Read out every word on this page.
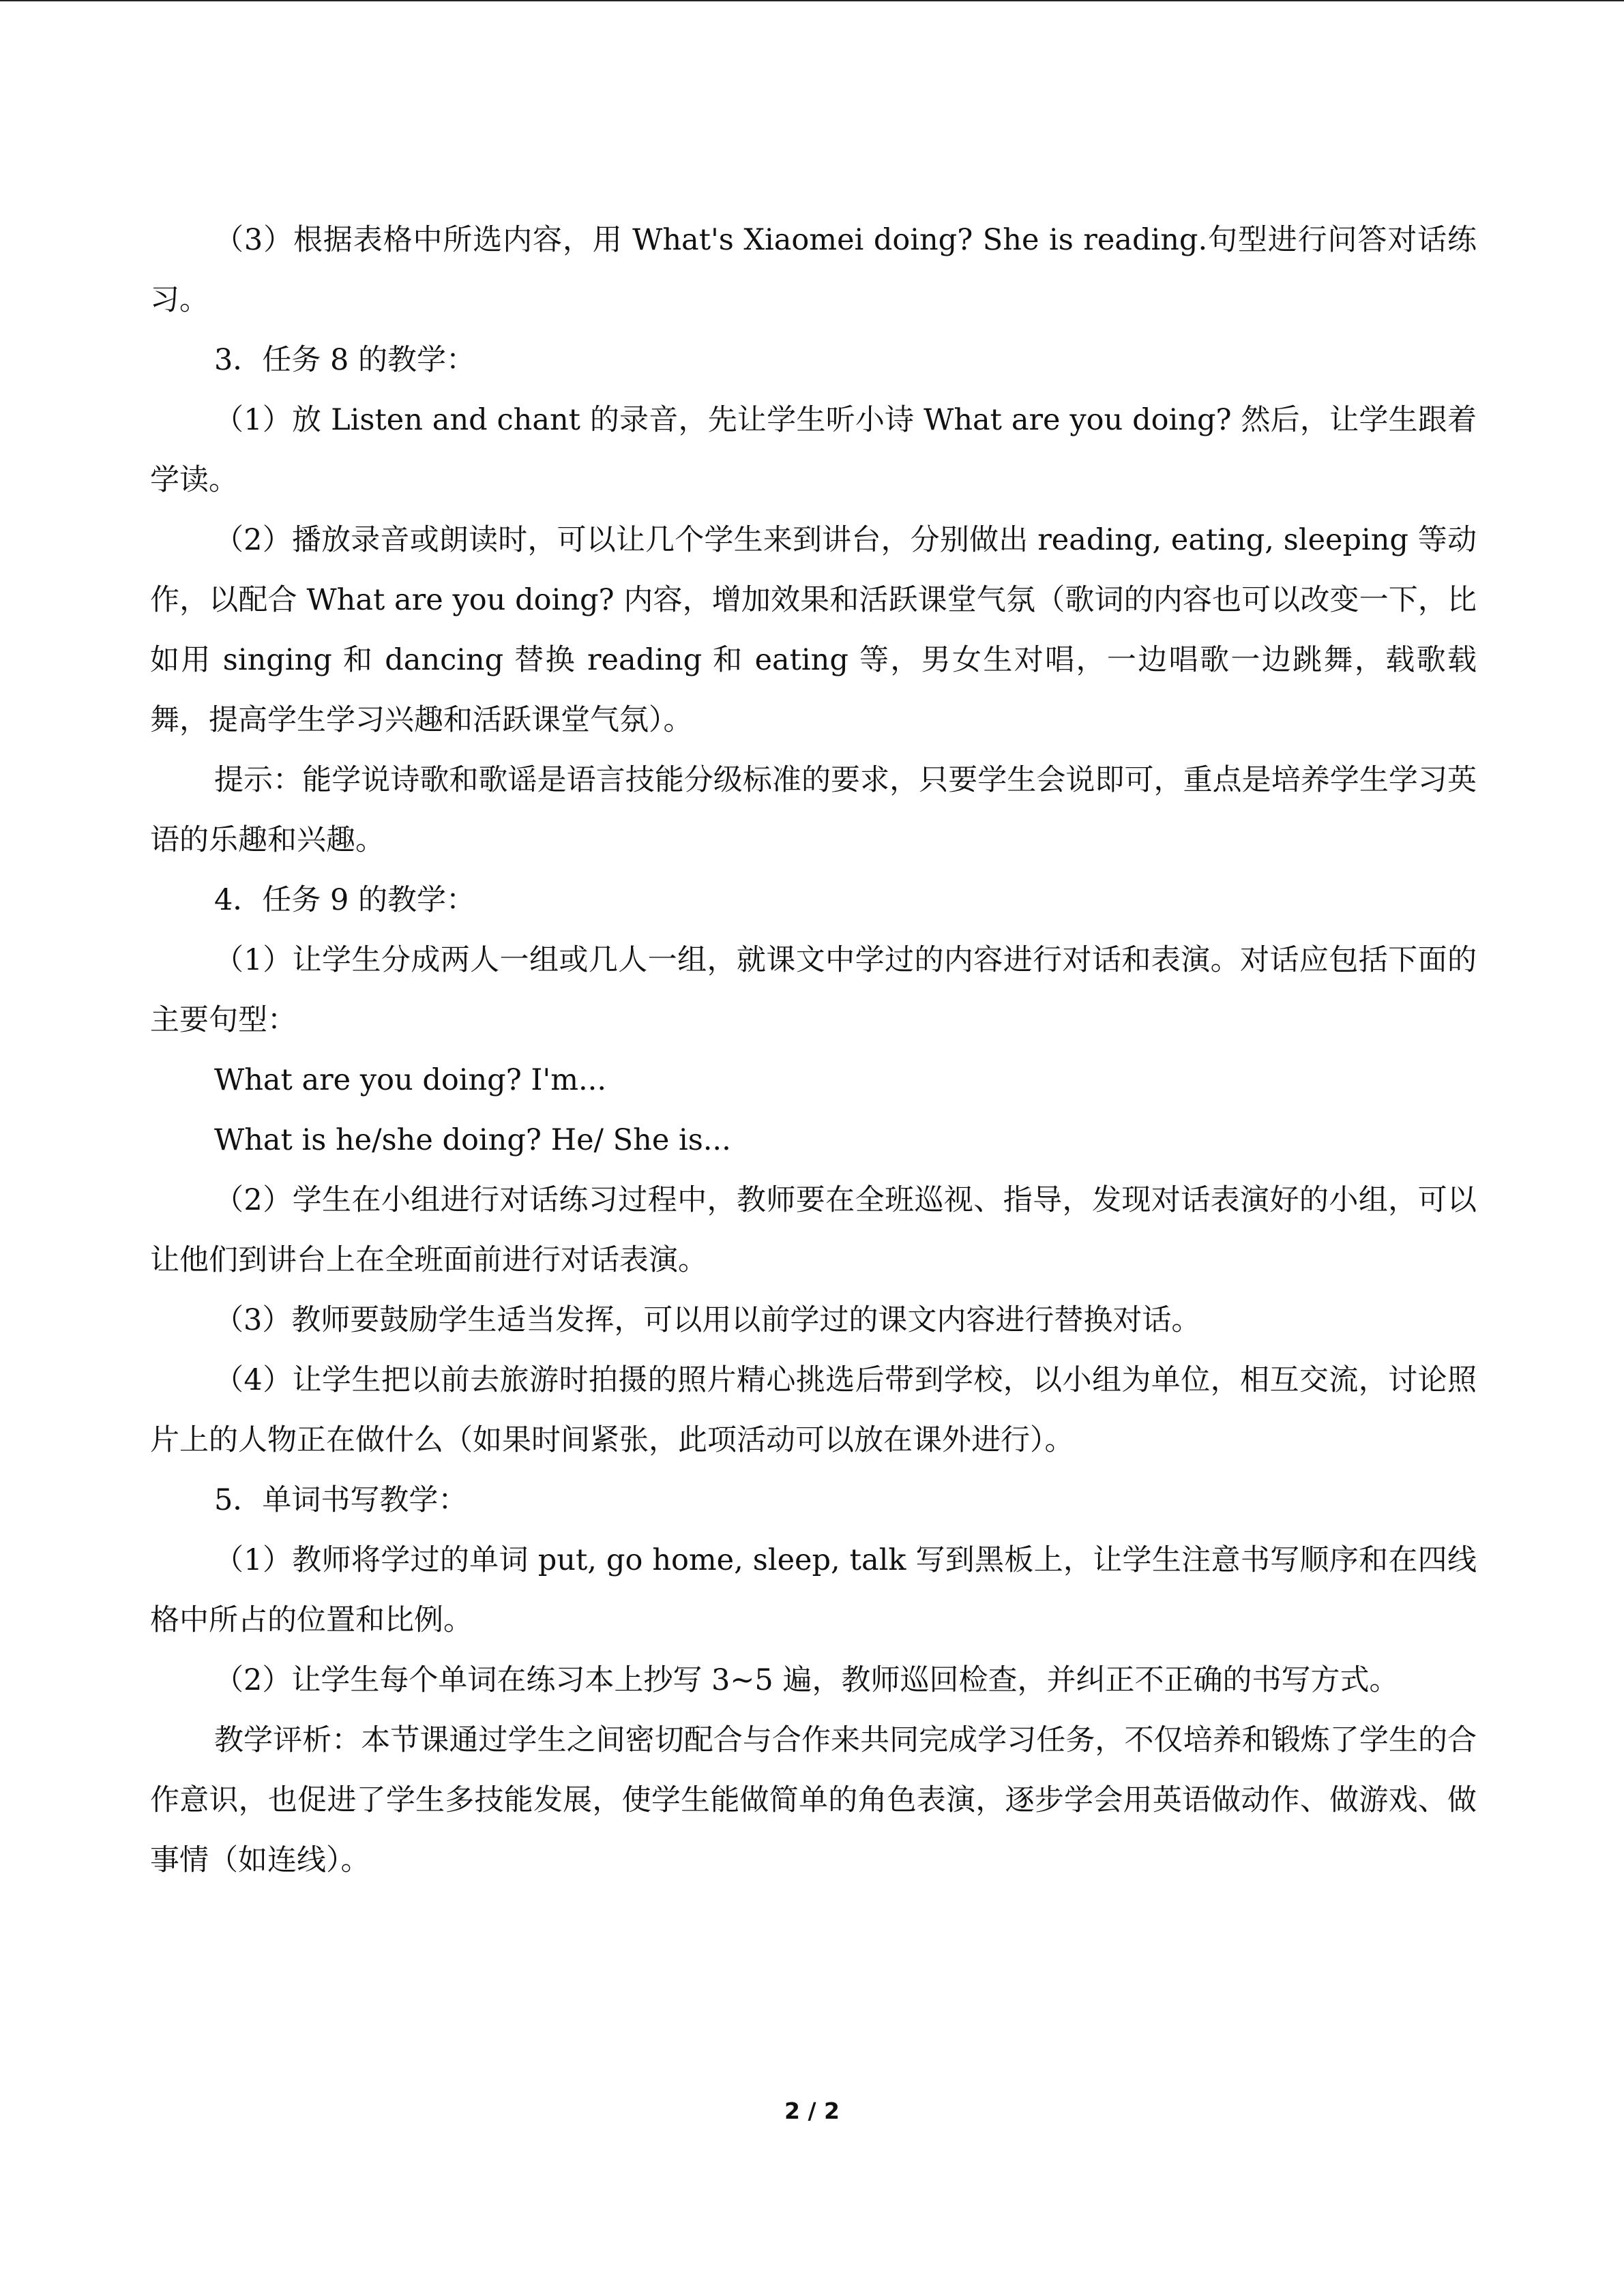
（3）根据表格中所选内容，用 What's Xiaomei doing? She is reading.句型进行问答对话练习。

3．任务 8 的教学：

（1）放 Listen and chant 的录音，先让学生听小诗 What are you doing? 然后，让学生跟着学读。

（2）播放录音或朗读时，可以让几个学生来到讲台，分别做出 reading, eating, sleeping 等动作，以配合 What are you doing? 内容，增加效果和活跃课堂气氛（歌词的内容也可以改变一下，比如用 singing 和 dancing 替换 reading 和 eating 等，男女生对唱，一边唱歌一边跳舞，载歌载舞，提高学生学习兴趣和活跃课堂气氛）。

提示：能学说诗歌和歌谣是语言技能分级标准的要求，只要学生会说即可，重点是培养学生学习英语的乐趣和兴趣。

4．任务 9 的教学：

（1）让学生分成两人一组或几人一组，就课文中学过的内容进行对话和表演。对话应包括下面的主要句型：

What are you doing? I'm...

What is he/she doing? He/ She is...

（2）学生在小组进行对话练习过程中，教师要在全班巡视、指导，发现对话表演好的小组，可以让他们到讲台上在全班面前进行对话表演。

（3）教师要鼓励学生适当发挥，可以用以前学过的课文内容进行替换对话。

（4）让学生把以前去旅游时拍摄的照片精心挑选后带到学校，以小组为单位，相互交流，讨论照片上的人物正在做什么（如果时间紧张，此项活动可以放在课外进行）。

5．单词书写教学：

（1）教师将学过的单词 put, go home, sleep, talk 写到黑板上，让学生注意书写顺序和在四线格中所占的位置和比例。

（2）让学生每个单词在练习本上抄写 3~5 遍，教师巡回检查，并纠正不正确的书写方式。

教学评析：本节课通过学生之间密切配合与合作来共同完成学习任务，不仅培养和锻炼了学生的合作意识，也促进了学生多技能发展，使学生能做简单的角色表演，逐步学会用英语做动作、做游戏、做事情（如连线）。

2 / 2
